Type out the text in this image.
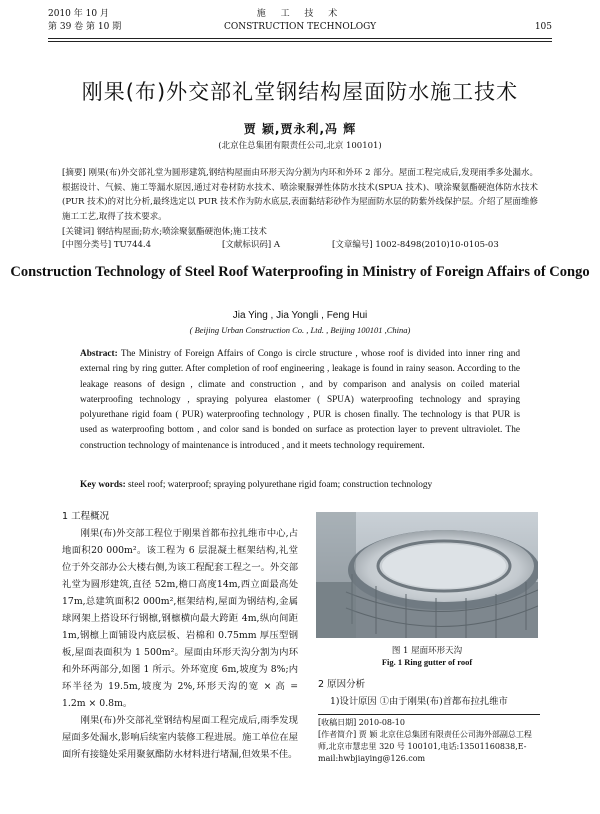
2010 年 10 月
第 39 卷 第 10 期
施 工 技 术
CONSTRUCTION TECHNOLOGY	105
刚果(布)外交部礼堂钢结构屋面防水施工技术
贾 颖,贾永利,冯 辉
(北京住总集团有限责任公司,北京 100101)
[摘要] 刚果(布)外交部礼堂为圆形建筑,钢结构屋面由环形天沟分割为内环和外环 2 部分。屋面工程完成后,发现雨季多处漏水。根据设计、气候、施工等漏水原因,通过对卷材防水技术、喷涂聚脲弹性体防水技术(SPUA 技术)、喷涂聚氨酯硬泡体防水技术(PUR 技术)的对比分析,最终选定以 PUR 技术作为防水底层,表面黏结彩砂作为屋面防水层的防紫外线保护层。介绍了屋面维修施工工艺,取得了技术要求。
[关键词] 钢结构屋面;防水;喷涂聚氨酯硬泡体;施工技术
[中图分类号] TU744.4	[文献标识码] A	[文章编号] 1002-8498(2010)10-0105-03
Construction Technology of Steel Roof Waterproofing in Ministry of Foreign Affairs of Congo
Jia Ying , Jia Yongli , Feng Hui
( Beijing Urban Construction Co. , Ltd. , Beijing 100101 ,China)
Abstract: The Ministry of Foreign Affairs of Congo is circle structure , whose roof is divided into inner ring and external ring by ring gutter. After completion of roof engineering , leakage is found in rainy season. According to the leakage reasons of design , climate and construction , and by comparison and analysis on coiled material waterproofing technology , spraying polyurea elastomer ( SPUA) waterproofing technology and spraying polyurethane rigid foam ( PUR) waterproofing technology , PUR is chosen finally. The technology is that PUR is used as waterproofing bottom , and color sand is bonded on surface as protection layer to prevent ultraviolet. The construction technology of maintenance is introduced , and it meets technology requirement.
Key words: steel roof; waterproof; spraying polyurethane rigid foam; construction technology

1 工程概况

刚果(布)外交部工程位于刚果首都布拉扎维市中心,占地面积20 000m²。该工程为 6 层混凝土框架结构,礼堂位于外交部办公大楼右侧,为该工程配套工程之一。外交部礼堂为圆形建筑,直径 52m,檐口高度14m,西立面最高处 17m,总建筑面积2 000m²,框架结构,屋面为钢结构,金属球网架上搭设环行钢檩,钢檩横向最大跨距 4m,纵向间距 1m,钢檩上面铺设内底层板、岩棉和 0.75mm 厚压型钢板,屋面表面积为 1 500m²。屋面由环形天沟分割为内环和外环两部分,如图 1 所示。外环宽度 6m,坡度为 8%;内环半径为 19.5m,坡度为 2%,环形天沟的宽 × 高 = 1.2m × 0.8m。

刚果(布)外交部礼堂钢结构屋面工程完成后,雨季发现屋面多处漏水,影响后续室内装修工程进展。施工单位在屋面所有接缝处采用聚氨酯防水材料进行堵漏,但效果不佳。

图 1 屋面环形天沟
Fig. 1 Ring gutter of roof
2 原因分析
1)设计原因 ①由于刚果(布)首都布拉扎维市
[收稿日期] 2010-08-10
[作者简介] 贾 颖 北京住总集团有限责任公司海外部副总工程师,北京市慧忠里 320 号 100101,电话:13501160838,E-mail:hwbjiaying@126.com
